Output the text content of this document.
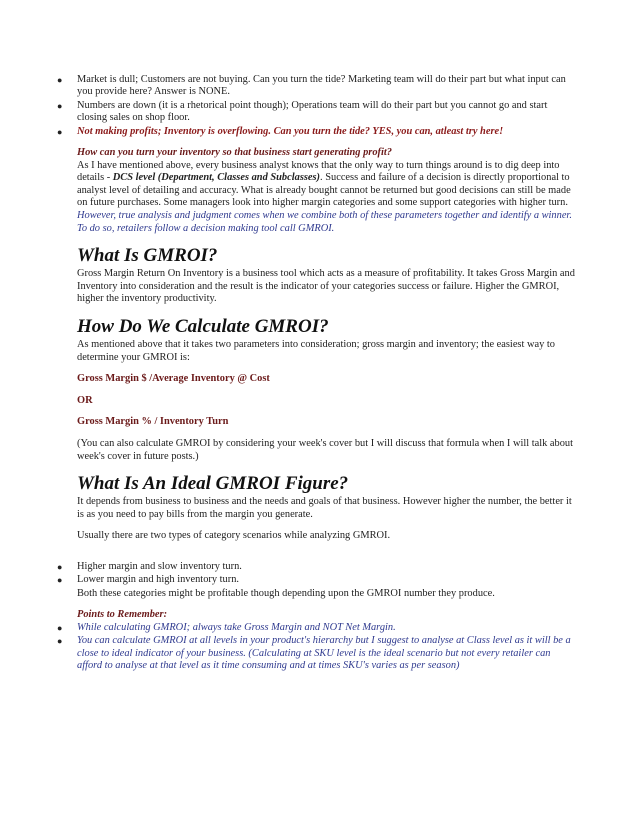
● Market is dull; Customers are not buying. Can you turn the tide? Marketing team will do their part but what input can you provide here? Answer is NONE.
● Numbers are down (it is a rhetorical point though); Operations team will do their part but you cannot go and start closing sales on shop floor.
● Not making profits; Inventory is overflowing. Can you turn the tide? YES, you can, atleast try here!

How can you turn your inventory so that business start generating profit?

As I have mentioned above, every business analyst knows that the only way to turn things around is to dig deep into details - DCS level (Department, Classes and Subclasses). Success and failure of a decision is directly proportional to analyst level of detailing and accuracy. What is already bought cannot be returned but good decisions can still be made on future purchases. Some managers look into higher margin categories and some support categories with higher turn.

However, true analysis and judgment comes when we combine both of these parameters together and identify a winner. To do so, retailers follow a decision making tool call GMROI.

What Is GMROI?

Gross Margin Return On Inventory is a business tool which acts as a measure of profitability. It takes Gross Margin and Inventory into consideration and the result is the indicator of your categories success or failure. Higher the GMROI, higher the inventory productivity.

How Do We Calculate GMROI?

As mentioned above that it takes two parameters into consideration; gross margin and inventory; the easiest way to determine your GMROI is:

Gross Margin $ /Average Inventory @ Cost

OR

Gross Margin % / Inventory Turn

(You can also calculate GMROI by considering your week's cover but I will discuss that formula when I will talk about week's cover in future posts.)

What Is An Ideal GMROI Figure?

It depends from business to business and the needs and goals of that business. However higher the number, the better it is as you need to pay bills from the margin you generate.

Usually there are two types of category scenarios while analyzing GMROI.

● Higher margin and slow inventory turn.
● Lower margin and high inventory turn.
Both these categories might be profitable though depending upon the GMROI number they produce.

Points to Remember:

● While calculating GMROI; always take Gross Margin and NOT Net Margin.
● You can calculate GMROI at all levels in your product's hierarchy but I suggest to analyse at Class level as it will be a close to ideal indicator of your business. (Calculating at SKU level is the ideal scenario but not every retailer can afford to analyse at that level as it time consuming and at times SKU's varies as per season)
